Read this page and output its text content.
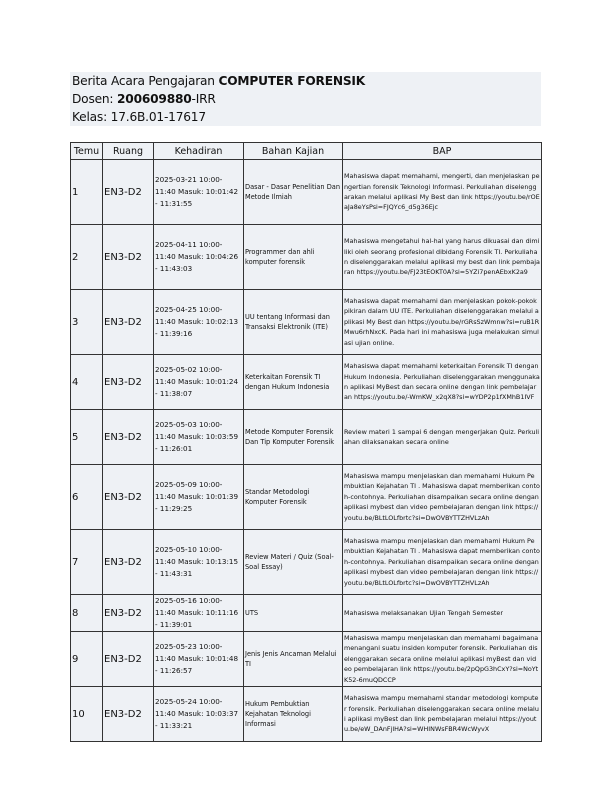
Berita Acara Pengajaran COMPUTER FORENSIK
Dosen: 200609880-IRR
Kelas: 17.6B.01-17617
Temu	Ruang	Kehadiran	Bahan Kajian	BAP
1	EN3-D2	2025-03-21 10:00-11:40 Masuk: 10:01:42 - 11:31:55	Dasar - Dasar Penelitian Dan Metode Ilmiah	Mahasiswa dapat memahami, mengerti, dan menjelaskan pengertian forensik Teknologi Informasi. Perkuliahan diselenggarakan melalui aplikasi My Best dan link https://youtu.be/rOEaJa8eYsPsi=FJQYc6_d5g36Ejc
2	EN3-D2	2025-04-11 10:00-11:40 Masuk: 10:04:26 - 11:43:03	Programmer dan ahli komputer forensik	Mahasiswa mengetahui hal-hal yang harus dikuasai dan dimiliki oleh seorang profesional dibidang Forensik TI. Perkuliahan diselenggarakan melalui aplikasi my best dan link pembajaran https://youtu.be/FJ23tEOKT0A?si=5YZi7penAEbxK2a9
3	EN3-D2	2025-04-25 10:00-11:40 Masuk: 10:02:13 - 11:39:16	UU tentang Informasi dan Transaksi Elektronik (ITE)	Mahasiswa dapat memahami dan menjelaskan pokok-pokok pikiran dalam UU ITE. Perkuliahan diselenggarakan melalui aplikasi My Best dan https://youtu.be/rGRsSzWmnw?si=ruB1RMwu6rhNxcK. Pada hari ini mahasiswa juga melakukan simulasi ujian online.
4	EN3-D2	2025-05-02 10:00-11:40 Masuk: 10:01:24 - 11:38:07	Keterkaitan Forensik TI dengan Hukum Indonesia	Mahasiswa dapat memahami keterkaitan Forensik TI dengan Hukum Indonesia. Perkuliahan diselenggarakan menggunakan aplikasi MyBest dan secara online dengan link pembelajaran https://youtu.be/-WmKW_x2qX8?si=wYDP2p1fXMhB1IVF
5	EN3-D2	2025-05-03 10:00-11:40 Masuk: 10:03:59 - 11:26:01	Metode Komputer Forensik Dan Tip Komputer Forensik	Review materi 1 sampai 6 dengan mengerjakan Quiz. Perkuliahan dilaksanakan secara online
6	EN3-D2	2025-05-09 10:00-11:40 Masuk: 10:01:39 - 11:29:25	Standar Metodologi Komputer Forensik	Mahasiswa mampu menjelaskan dan memahami Hukum Pembuktian Kejahatan TI . Mahasiswa dapat memberikan contoh-contohnya. Perkuliahan disampaikan secara online dengan aplikasi mybest dan video pembelajaran dengan link https://youtu.be/BLtLOLfbrtc?si=DwOVBYTTZHVLzAh
7	EN3-D2	2025-05-10 10:00-11:40 Masuk: 10:13:15 - 11:43:31	Review Materi / Quiz (Soal-Soal Essay)	Mahasiswa mampu menjelaskan dan memahami Hukum Pembuktian Kejahatan TI . Mahasiswa dapat memberikan contoh-contohnya. Perkuliahan disampaikan secara online dengan aplikasi mybest dan video pembelajaran dengan link https://youtu.be/BLtLOLfbrtc?si=DwOVBYTTZHVLzAh
8	EN3-D2	2025-05-16 10:00-11:40 Masuk: 10:11:16 - 11:39:01	UTS	Mahasiswa melaksanakan Ujian Tengah Semester
9	EN3-D2	2025-05-23 10:00-11:40 Masuk: 10:01:48 - 11:26:57	Jenis Jenis Ancaman Melalui TI	Mahasiswa mampu menjelaskan dan memahami bagaimana menangani suatu insiden komputer forensik. Perkuliahan diselenggarakan secara online melalui aplikasi myBest dan video pembelajaran link https://youtu.be/2pQpG3hCxY?si=NoYtK52-6muQDCCP
10	EN3-D2	2025-05-24 10:00-11:40 Masuk: 10:03:37 - 11:33:21	Hukum Pembuktian Kejahatan Teknologi Informasi	Mahasiswa mampu memahami standar metodologi komputer forensik. Perkuliahan diselenggarakan secara online melalui aplikasi myBest dan link pembelajaran melalui https://youtu.be/eW_DAnFjlHA?si=WHINWsFBR4WcWyvX
